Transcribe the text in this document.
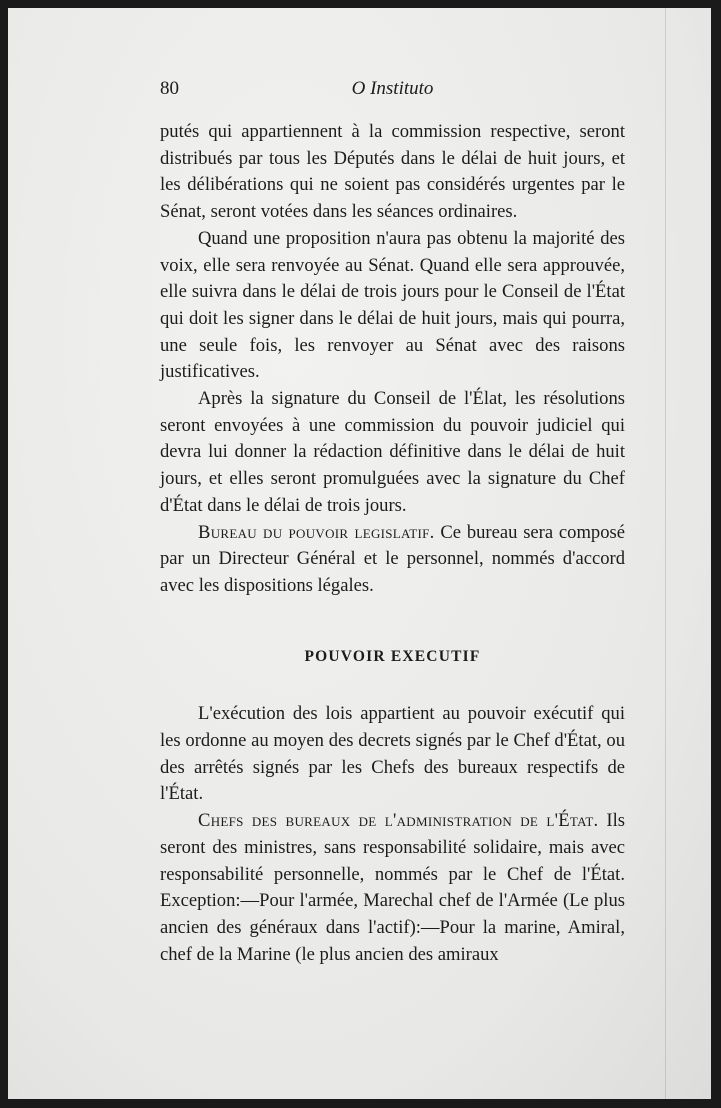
O Instituto
80

putés qui appartiennent à la commission respective, seront distribués par tous les Députés dans le délai de huit jours, et les délibérations qui ne soient pas considérés urgentes par le Sénat, seront votées dans les séances ordinaires.

Quand une proposition n'aura pas obtenu la majorité des voix, elle sera renvoyée au Sénat. Quand elle sera approuvée, elle suivra dans le délai de trois jours pour le Conseil de l'État qui doit les signer dans le délai de huit jours, mais qui pourra, une seule fois, les renvoyer au Sénat avec des raisons justificatives.

Après la signature du Conseil de l'Élat, les résolutions seront envoyées à une commission du pouvoir judiciel qui devra lui donner la rédaction définitive dans le délai de huit jours, et elles seront promulguées avec la signature du Chef d'État dans le délai de trois jours.

Bureau du pouvoir legislatif. Ce bureau sera composé par un Directeur Général et le personnel, nommés d'accord avec les dispositions légales.

POUVOIR EXECUTIF

L'exécution des lois appartient au pouvoir exécutif qui les ordonne au moyen des decrets signés par le Chef d'État, ou des arrêtés signés par les Chefs des bureaux respectifs de l'État.

Chefs des bureaux de l'administration de l'État. Ils seront des ministres, sans responsabilité solidaire, mais avec responsabilité personnelle, nommés par le Chef de l'État. Exception:—Pour l'armée, Marechal chef de l'Armée (Le plus ancien des généraux dans l'actif):—Pour la marine, Amiral, chef de la Marine (le plus ancien des amiraux
